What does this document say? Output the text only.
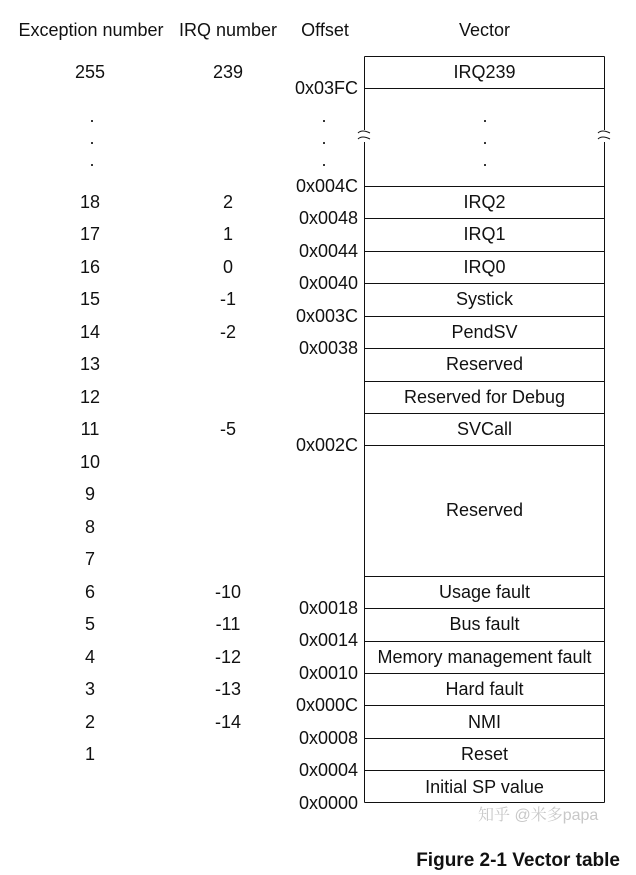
Exception number IRQ number	Offset	Vector
255
.
.
.
18
17
16
15
14
13
12
11
10
9
8
7
6
5
4
3
2
1
239
2
1
0
-1
-2
-5
-10
-11
-12
-13
-14
0x03FC
.
.
.
0x004C
0x0048
0x0044
0x0040
0x003C
0x0038
0x002C
0x0018
0x0014
0x0010
0x000C
0x0008
0x0004
0x0000
IRQ239
.
.
.
IRQ2
IRQ1
IRQ0
Systick
PendSV
Reserved
Reserved for Debug
SVCall
Reserved
Usage fault
Bus fault
Memory management fault
Hard fault
NMI
Reset
Initial SP value
知乎 @米多papa
Figure 2-1 Vector table
